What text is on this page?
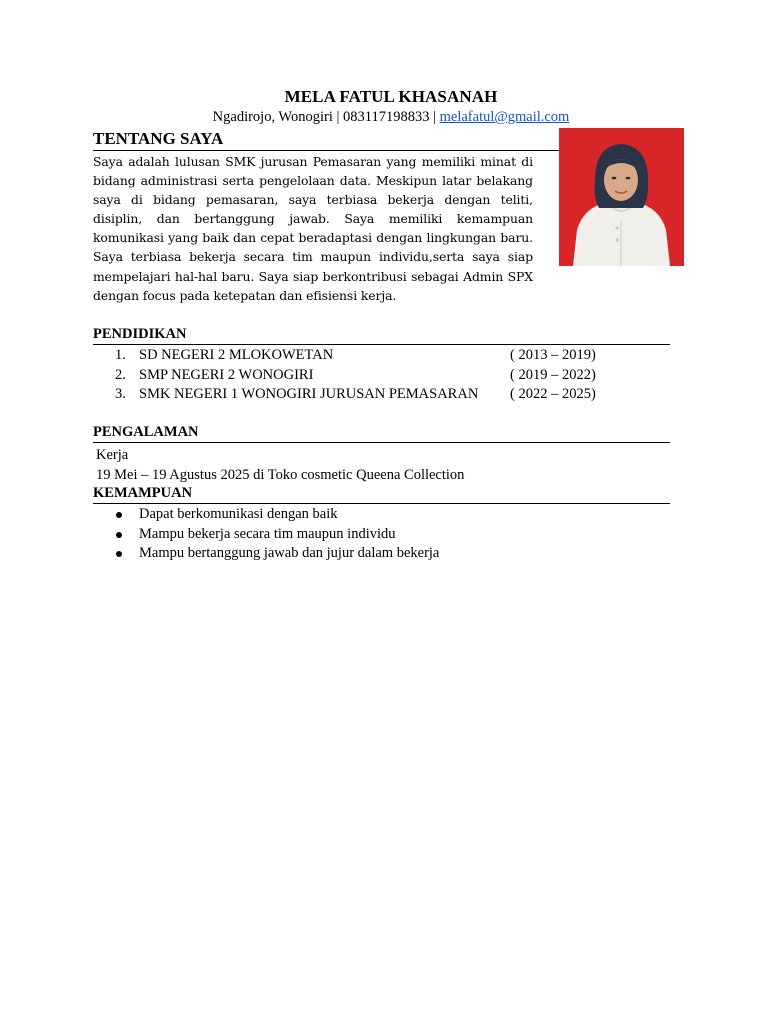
MELA FATUL KHASANAH
Ngadirojo, Wonogiri | 083117198833 | melafatul@gmail.com
TENTANG SAYA
Saya adalah lulusan SMK jurusan Pemasaran yang memiliki minat di bidang administrasi serta pengelolaan data. Meskipun latar belakang saya di bidang pemasaran, saya terbiasa bekerja dengan teliti, disiplin, dan bertanggung jawab. Saya memiliki kemampuan komunikasi yang baik dan cepat beradaptasi dengan lingkungan baru. Saya terbiasa bekerja secara tim maupun individu,serta saya siap mempelajari hal-hal baru. Saya siap berkontribusi sebagai Admin SPX dengan focus pada ketepatan dan efisiensi kerja.
PENDIDIKAN
1. SD NEGERI 2 MLOKOWETAN	( 2013 – 2019)
2. SMP NEGERI 2 WONOGIRI	( 2019 – 2022)
3. SMK NEGERI 1 WONOGIRI JURUSAN PEMASARAN ( 2022 – 2025)
PENGALAMAN
Kerja
19 Mei – 19 Agustus 2025 di Toko cosmetic Queena Collection
KEMAMPUAN
Dapat berkomunikasi dengan baik
Mampu bekerja secara tim maupun individu
Mampu bertanggung jawab dan jujur dalam bekerja
